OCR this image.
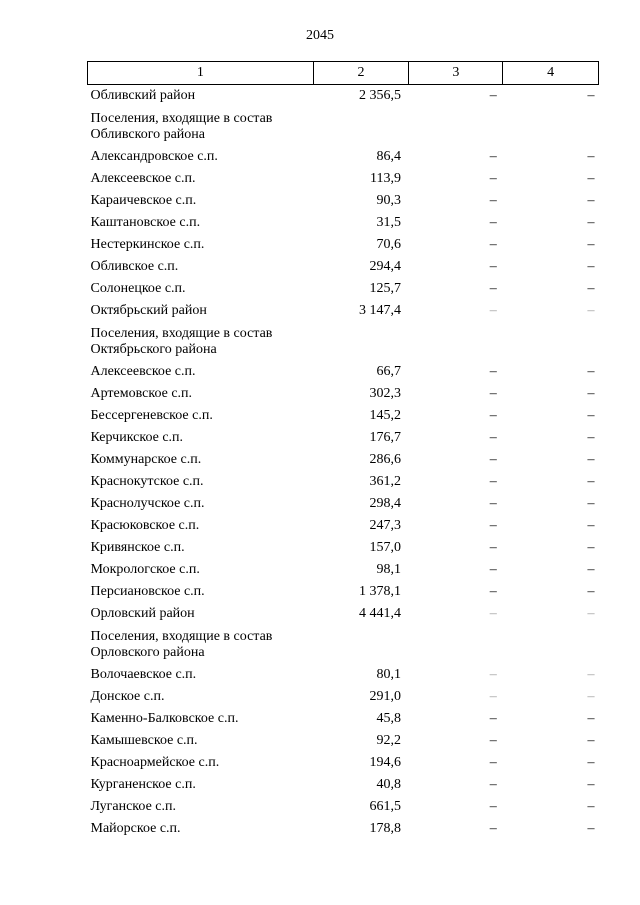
2045
1	2	3	4
Обливский район	2 356,5	–	–
Поселения, входящие в состав Обливского района			
Александровское с.п.	86,4	–	–
Алексеевское с.п.	113,9	–	–
Караичевское с.п.	90,3	–	–
Каштановское с.п.	31,5	–	–
Нестеркинское с.п.	70,6	–	–
Обливское с.п.	294,4	–	–
Солонецкое с.п.	125,7	–	–
Октябрьский район	3 147,4	–	–
Поселения, входящие в состав Октябрьского района			
Алексеевское с.п.	66,7	–	–
Артемовское с.п.	302,3	–	–
Бессергеневское с.п.	145,2	–	–
Керчикское с.п.	176,7	–	–
Коммунарское с.п.	286,6	–	–
Краснокутское с.п.	361,2	–	–
Краснолучское с.п.	298,4	–	–
Красюковское с.п.	247,3	–	–
Кривянское с.п.	157,0	–	–
Мокрологское с.п.	98,1	–	–
Персиановское с.п.	1 378,1	–	–
Орловский район	4 441,4	–	–
Поселения, входящие в состав Орловского района			
Волочаевское с.п.	80,1	–	–
Донское с.п.	291,0	–	–
Каменно-Балковское с.п.	45,8	–	–
Камышевское с.п.	92,2	–	–
Красноармейское с.п.	194,6	–	–
Курганенское с.п.	40,8	–	–
Луганское с.п.	661,5	–	–
Майорское с.п.	178,8	–	–
